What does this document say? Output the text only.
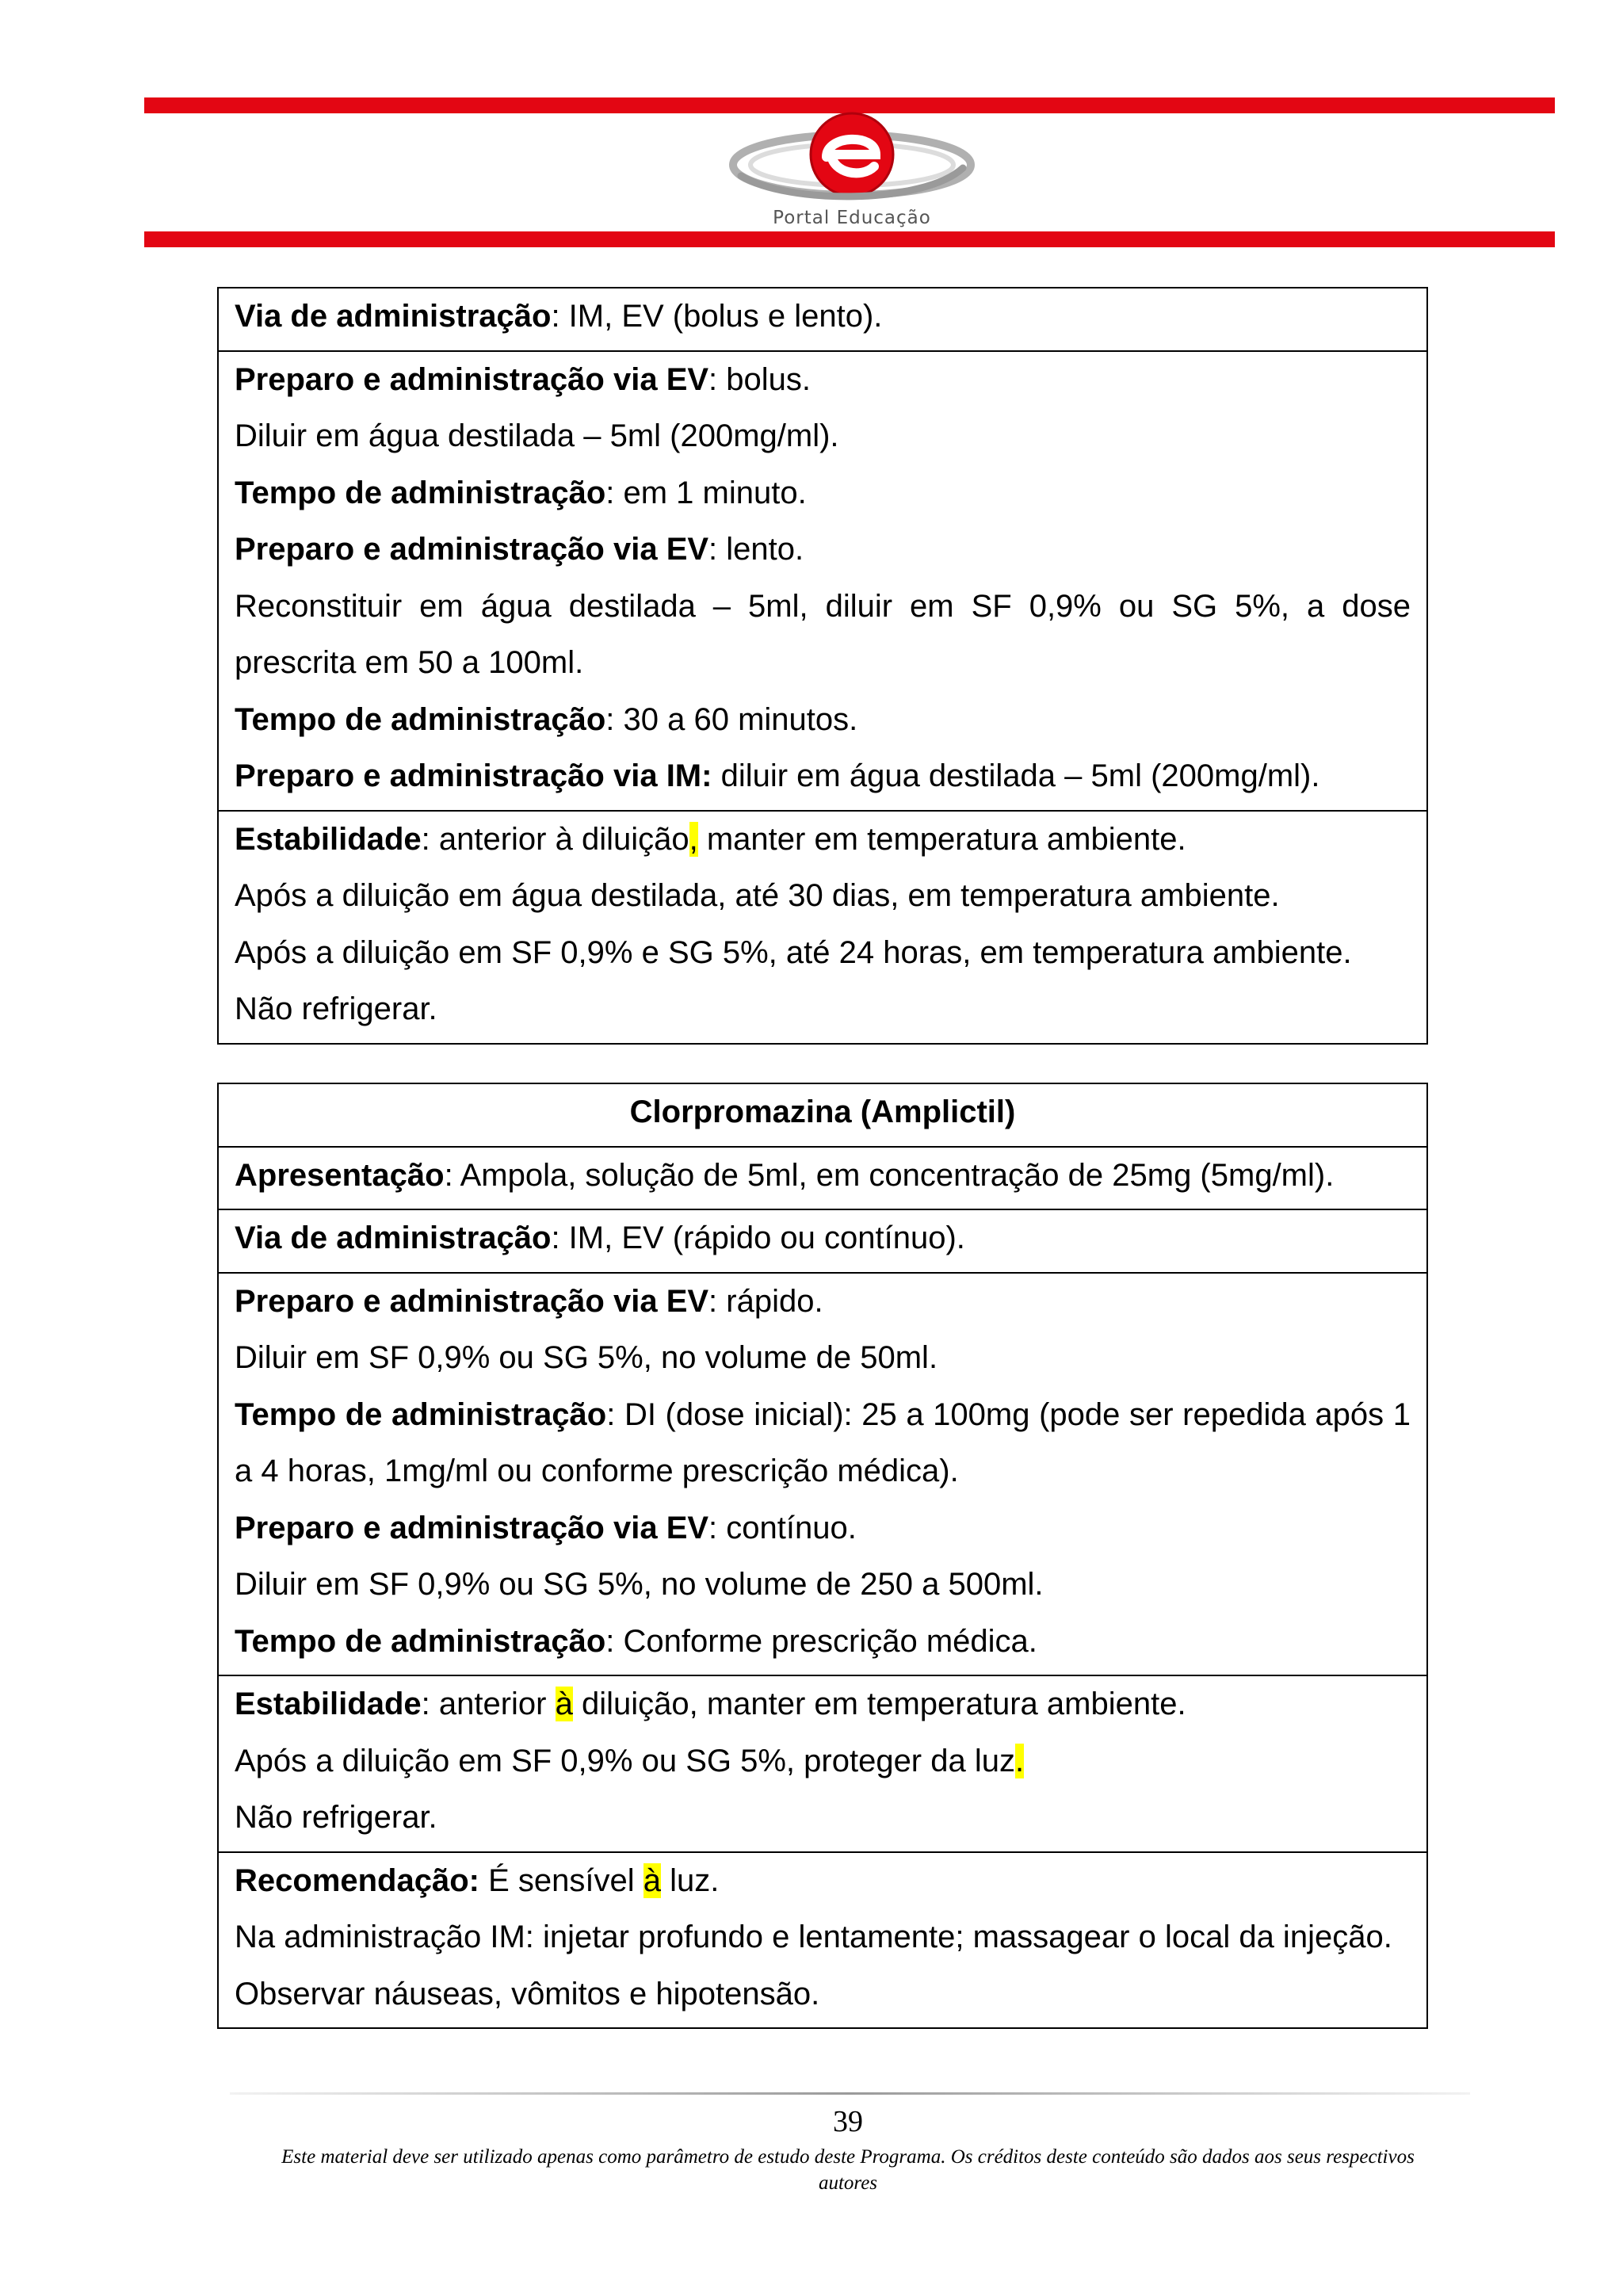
Portal Educação

Via de administração: IM, EV (bolus e lento).

Preparo e administração via EV: bolus.

Diluir em água destilada – 5ml (200mg/ml).

Tempo de administração: em 1 minuto.

Preparo e administração via EV: lento.

Reconstituir em água destilada – 5ml, diluir em SF 0,9% ou SG 5%, a dose prescrita em 50 a 100ml.

Tempo de administração: 30 a 60 minutos.

Preparo e administração via IM: diluir em água destilada – 5ml (200mg/ml).

Estabilidade: anterior à diluição, manter em temperatura ambiente.

Após a diluição em água destilada, até 30 dias, em temperatura ambiente.

Após a diluição em SF 0,9% e SG 5%, até 24 horas, em temperatura ambiente.

Não refrigerar.

Clorpromazina (Amplictil)

Apresentação: Ampola, solução de 5ml, em concentração de 25mg (5mg/ml).

Via de administração: IM, EV (rápido ou contínuo).

Preparo e administração via EV: rápido.

Diluir em SF 0,9% ou SG 5%, no volume de 50ml.

Tempo de administração: DI (dose inicial): 25 a 100mg (pode ser repedida após 1 a 4 horas, 1mg/ml ou conforme prescrição médica).

Preparo e administração via EV: contínuo.

Diluir em SF 0,9% ou SG 5%, no volume de 250 a 500ml.

Tempo de administração: Conforme prescrição médica.

Estabilidade: anterior à diluição, manter em temperatura ambiente.

Após a diluição em SF 0,9% ou SG 5%, proteger da luz.

Não refrigerar.

Recomendação: É sensível à luz.

Na administração IM: injetar profundo e lentamente; massagear o local da injeção.

Observar náuseas, vômitos e hipotensão.

39
Este material deve ser utilizado apenas como parâmetro de estudo deste Programa. Os créditos deste conteúdo são dados aos seus respectivos autores
